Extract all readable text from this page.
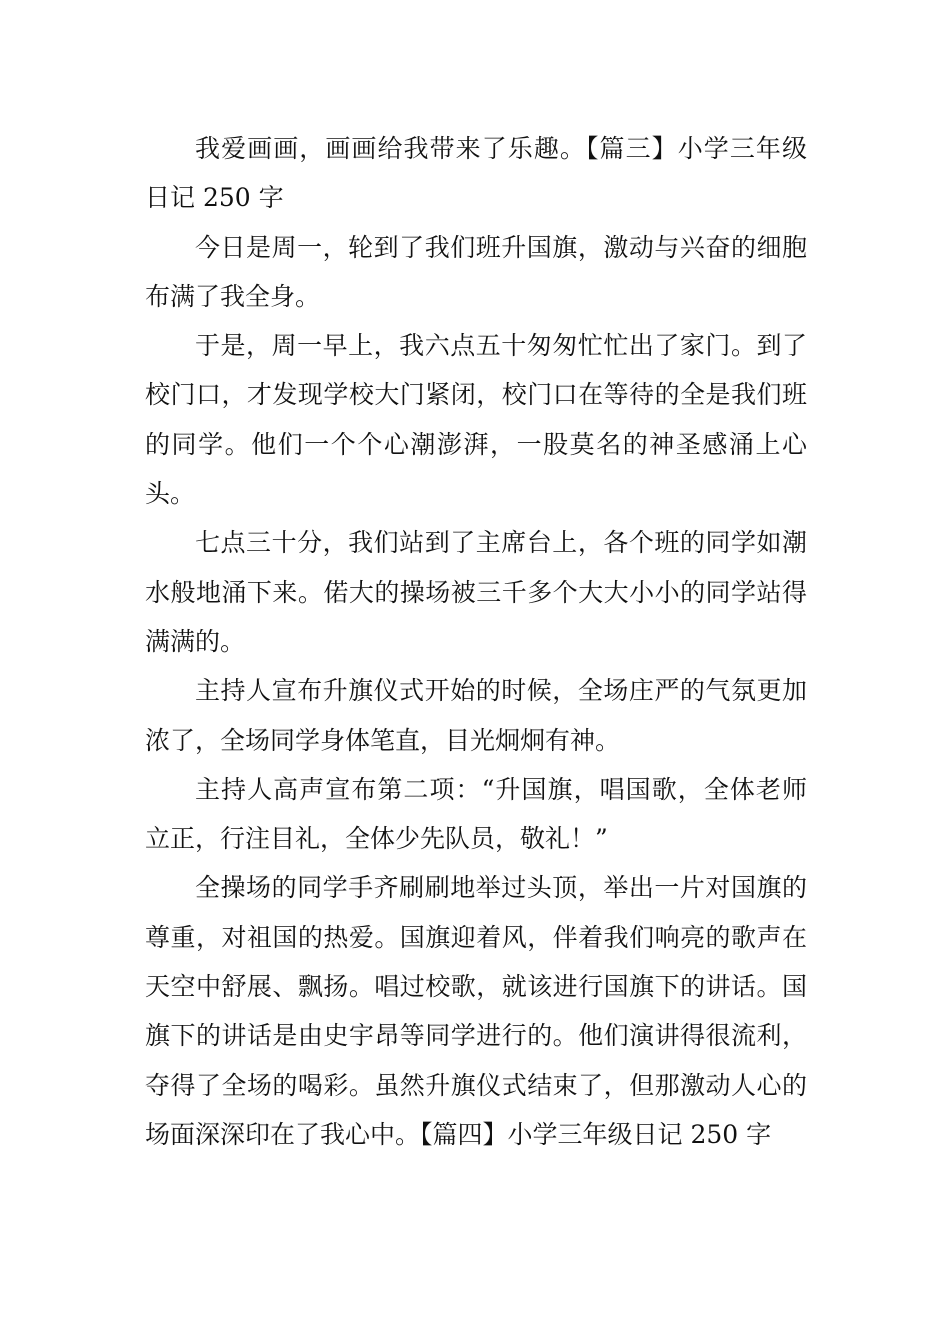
我爱画画，画画给我带来了乐趣。【篇三】小学三年级日记 250 字

今日是周一，轮到了我们班升国旗，激动与兴奋的细胞布满了我全身。

于是，周一早上，我六点五十匆匆忙忙出了家门。到了校门口，才发现学校大门紧闭，校门口在等待的全是我们班的同学。他们一个个心潮澎湃，一股莫名的神圣感涌上心头。

七点三十分，我们站到了主席台上，各个班的同学如潮水般地涌下来。偌大的操场被三千多个大大小小的同学站得满满的。

主持人宣布升旗仪式开始的时候，全场庄严的气氛更加浓了，全场同学身体笔直，目光炯炯有神。

主持人高声宣布第二项：“升国旗，唱国歌，全体老师立正，行注目礼，全体少先队员，敬礼！”

全操场的同学手齐刷刷地举过头顶，举出一片对国旗的尊重，对祖国的热爱。国旗迎着风，伴着我们响亮的歌声在天空中舒展、飘扬。唱过校歌，就该进行国旗下的讲话。国旗下的讲话是由史宇昂等同学进行的。他们演讲得很流利，夺得了全场的喝彩。虽然升旗仪式结束了，但那激动人心的场面深深印在了我心中。【篇四】小学三年级日记 250 字
